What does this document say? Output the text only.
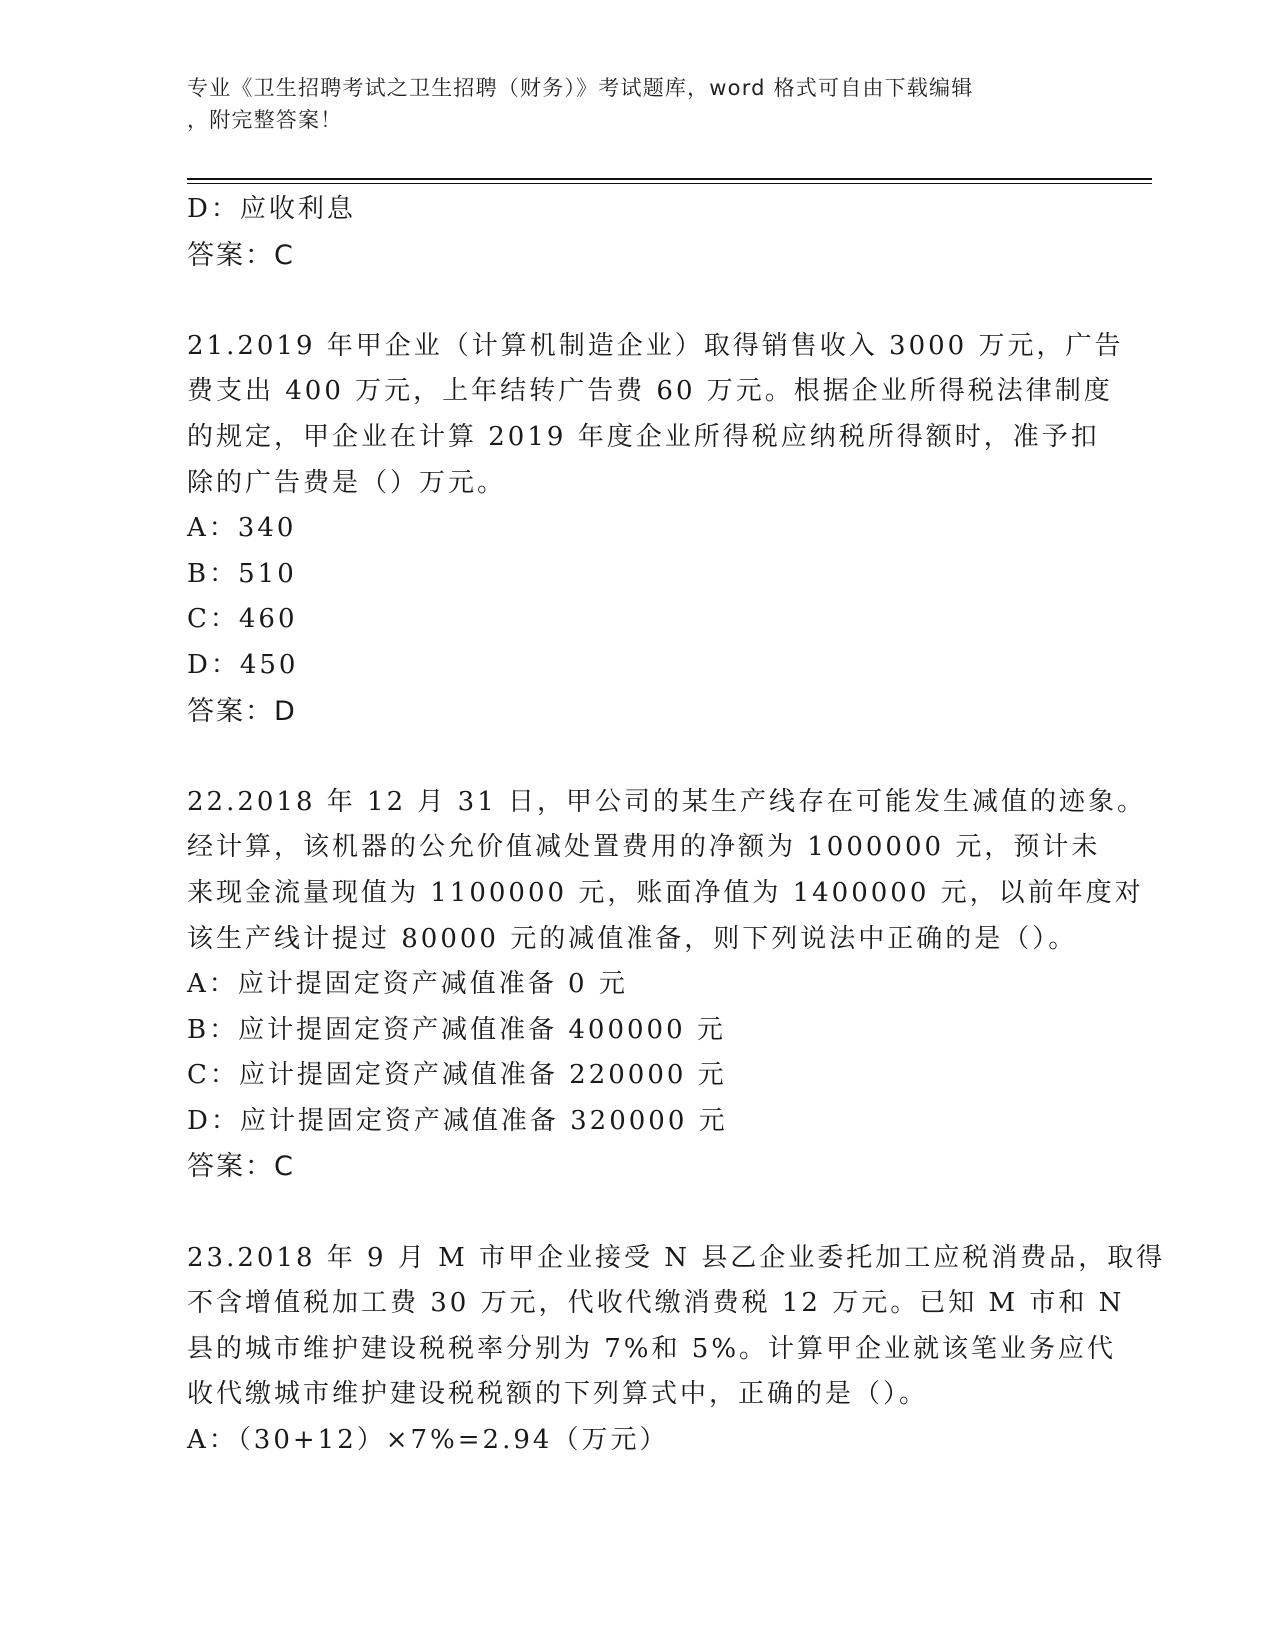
专业《卫生招聘考试之卫生招聘（财务）》考试题库，word 格式可自由下载编辑
，附完整答案！
D：应收利息
答案：C
21.2019 年甲企业（计算机制造企业）取得销售收入 3000 万元，广告
费支出 400 万元，上年结转广告费 60 万元。根据企业所得税法律制度
的规定，甲企业在计算 2019 年度企业所得税应纳税所得额时，准予扣
除的广告费是（）万元。
A：340
B：510
C：460
D：450
答案：D
22.2018 年 12 月 31 日，甲公司的某生产线存在可能发生减值的迹象。
经计算，该机器的公允价值减处置费用的净额为 1000000 元，预计未
来现金流量现值为 1100000 元，账面净值为 1400000 元，以前年度对
该生产线计提过 80000 元的减值准备，则下列说法中正确的是（）。
A：应计提固定资产减值准备 0 元
B：应计提固定资产减值准备 400000 元
C：应计提固定资产减值准备 220000 元
D：应计提固定资产减值准备 320000 元
答案：C
23.2018 年 9 月 M 市甲企业接受 N 县乙企业委托加工应税消费品，取得
不含增值税加工费 30 万元，代收代缴消费税 12 万元。已知 M 市和 N
县的城市维护建设税税率分别为 7%和 5%。计算甲企业就该笔业务应代
收代缴城市维护建设税税额的下列算式中，正确的是（）。
A：（30+12）×7%=2.94（万元）
